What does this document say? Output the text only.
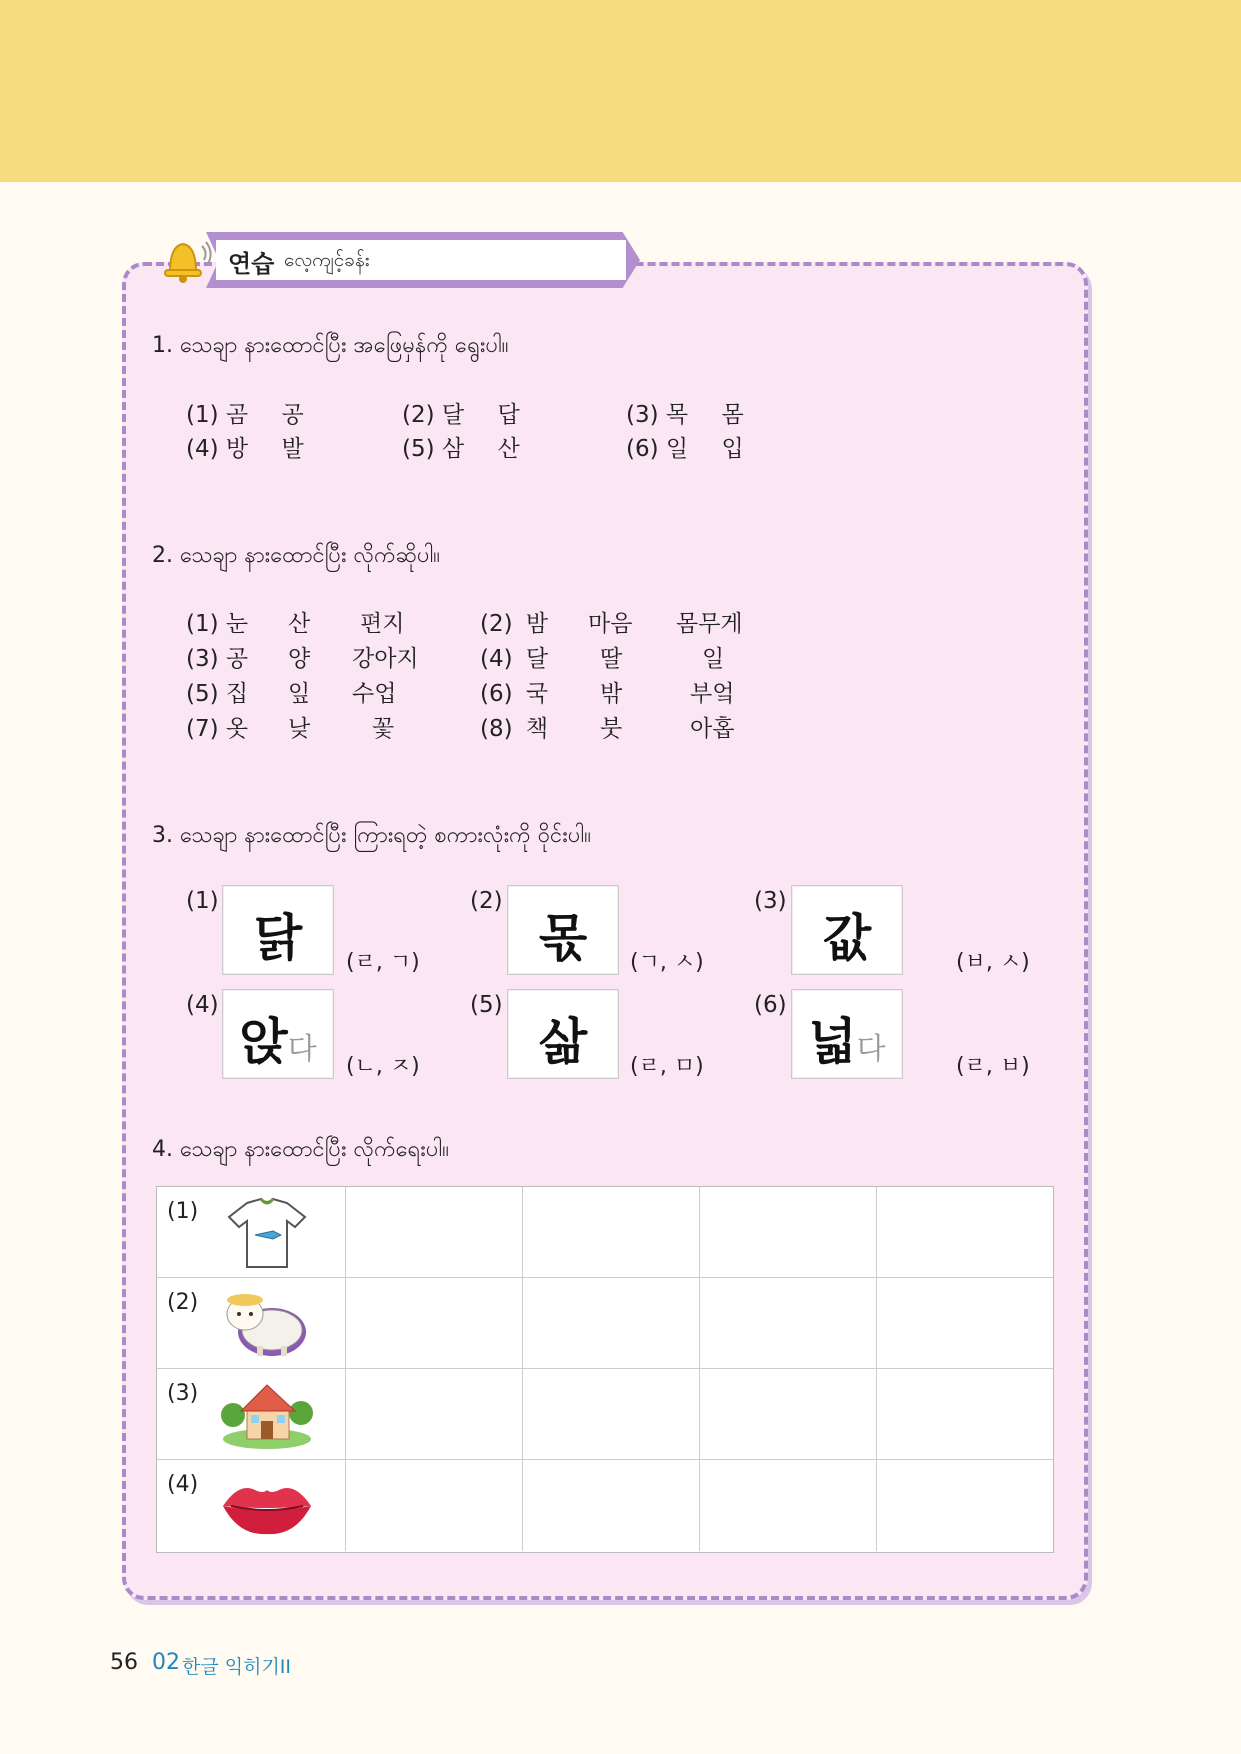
연습 လေ့ကျင့်ခန်း
1. သေချာ နားထောင်ပြီး အဖြေမှန်ကို ရွေးပါ။
(1) 곰 공	(2) 달 답	(3) 목 몸
(4) 방 발	(5) 삼 산	(6) 일 입
2. သေချာ နားထောင်ပြီး လိုက်ဆိုပါ။
(1) 눈 산 편지	(2) 밤 마음 몸무게
(3) 공 양 강아지	(4) 달 딸	일
(5) 집 잎 수업	(6) 국 밖	부엌
(7) 옷 낮	꽃	(8) 책 붓	아홉
3. သေချာ နားထောင်ပြီး ကြားရတဲ့ စကားလုံးကို ဝိုင်းပါ။
(1)
닭	(ㄹ, ㄱ)
(2)
몫	(ㄱ, ㅅ)
(3)
값	(ㅂ, ㅅ)
(4)
앉다	(ㄴ, ㅈ)
(5)
삶	(ㄹ, ㅁ)
(6)
넓다	(ㄹ, ㅂ)
4. သေချာ နားထောင်ပြီး လိုက်ရေးပါ။
(1)
(2)
(3)
(4)
56 02 한글 익히기II
